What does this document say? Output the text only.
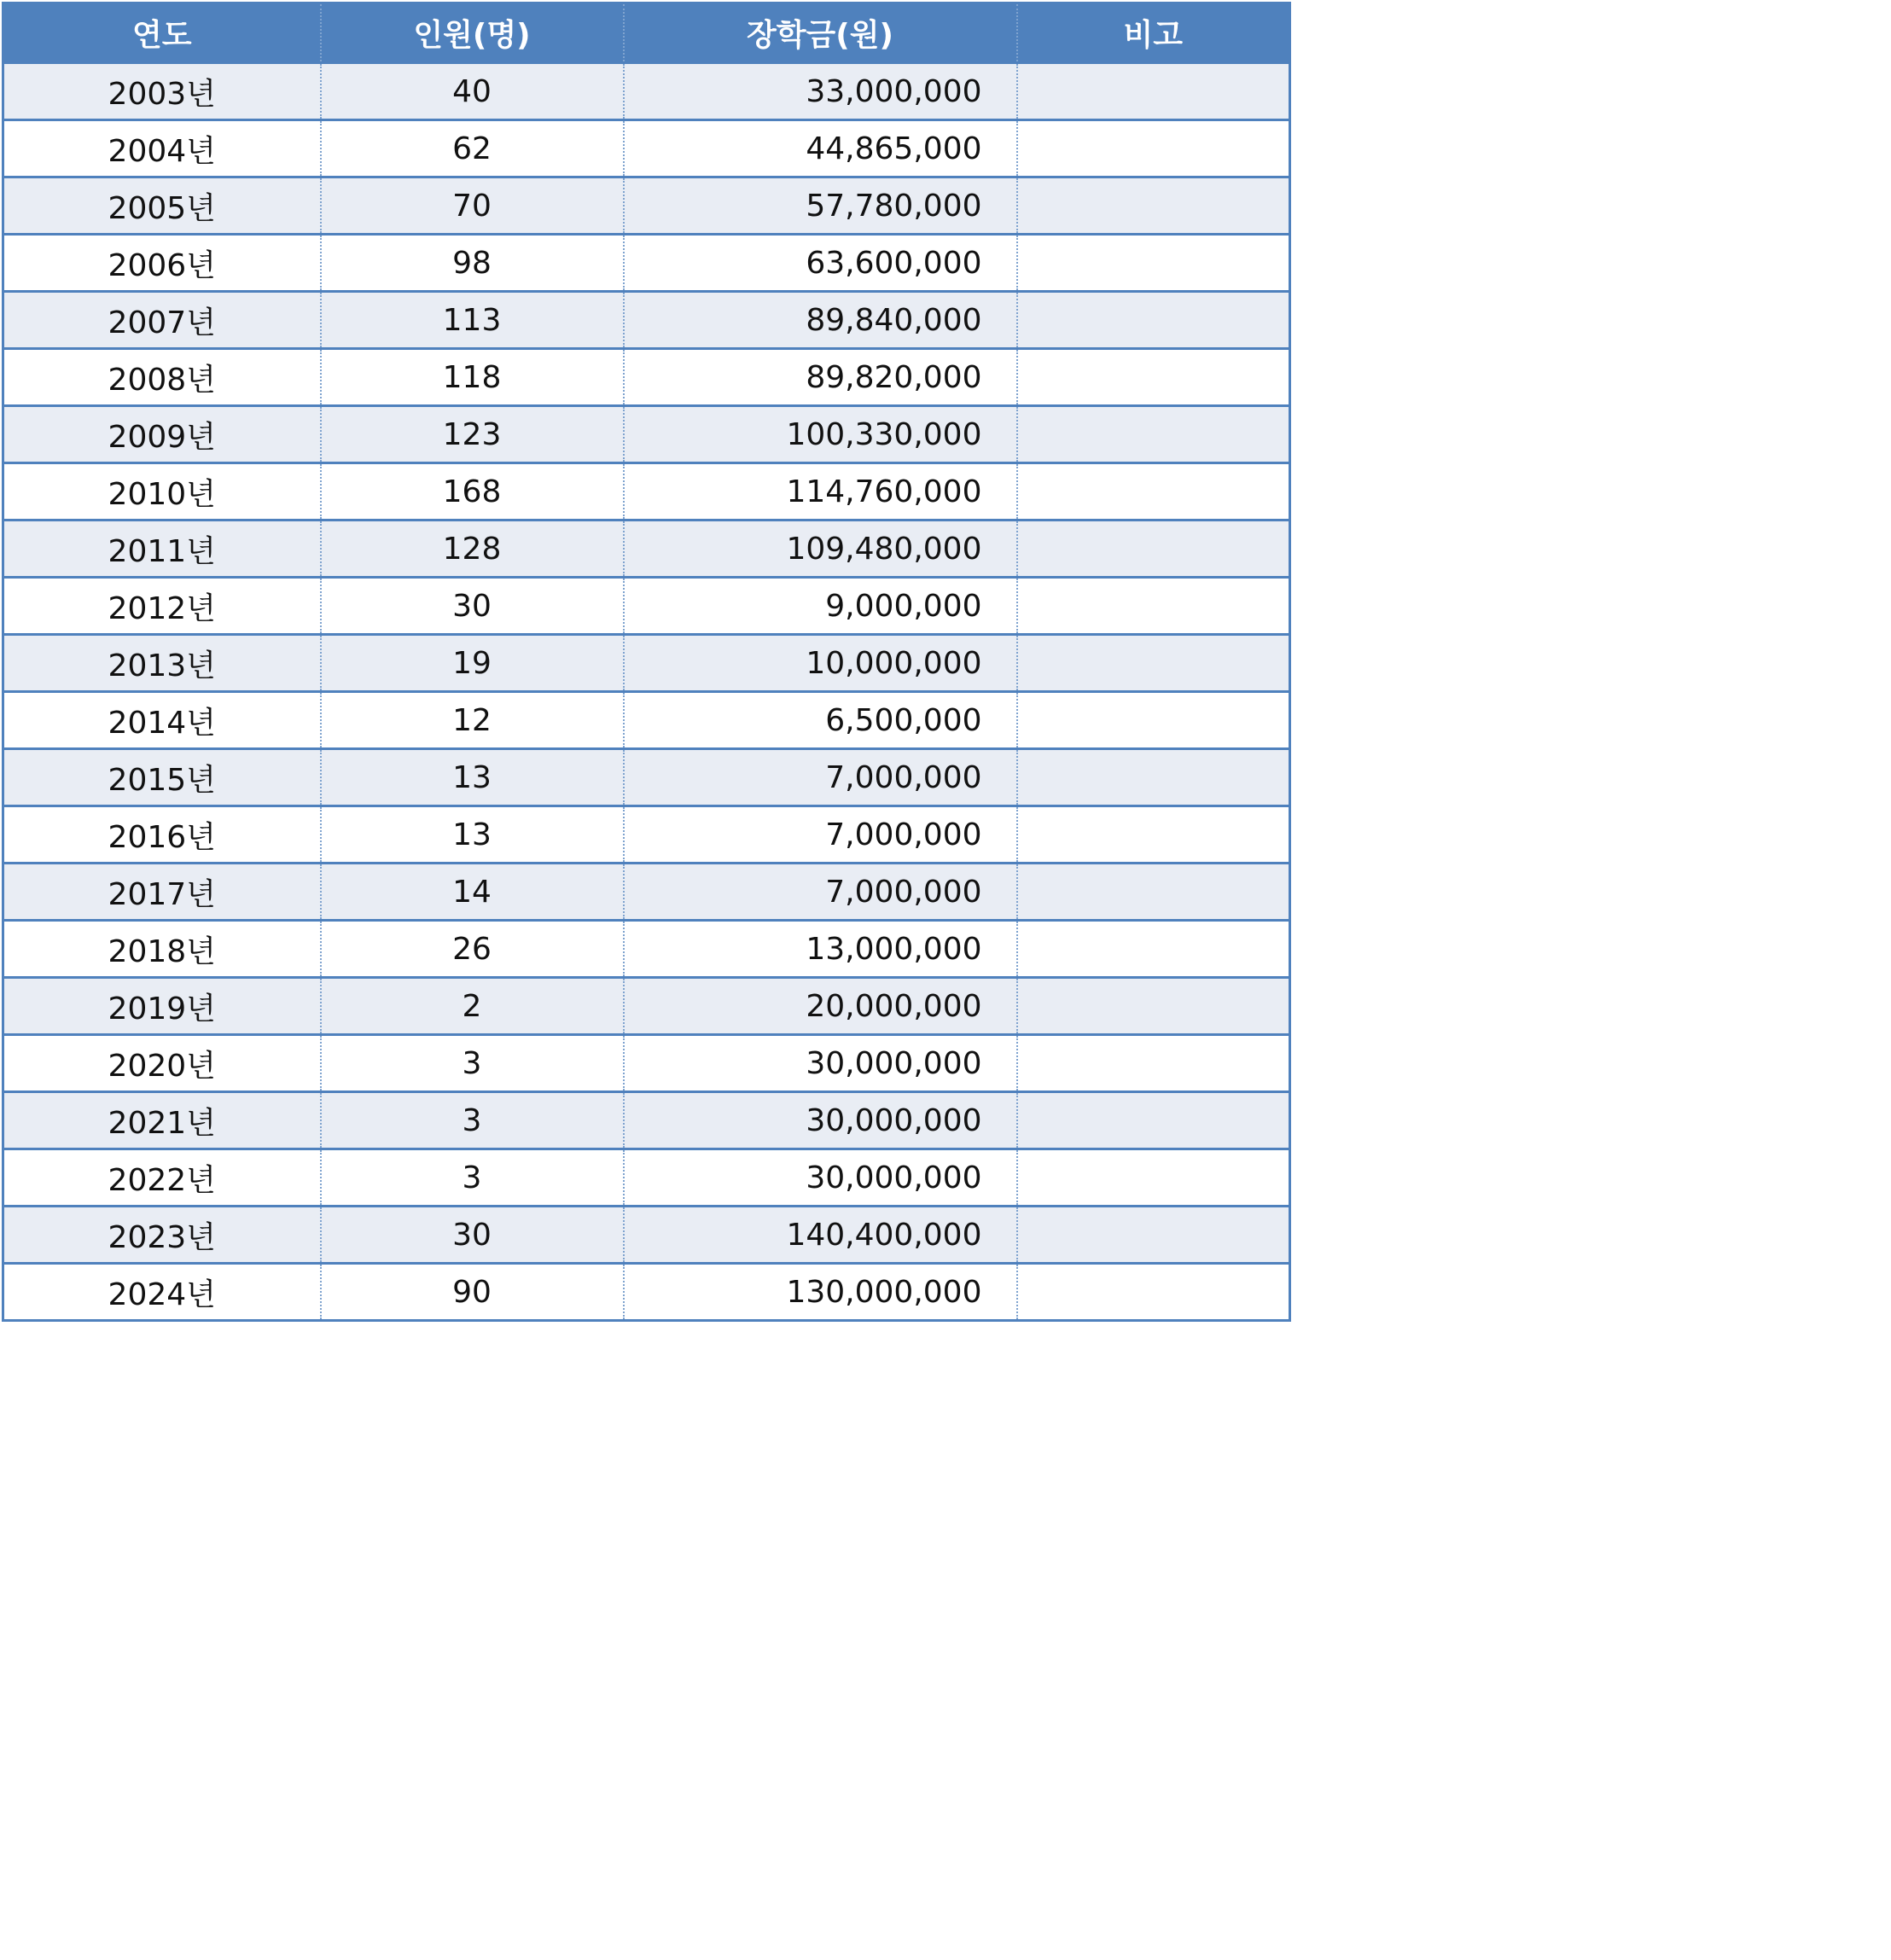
연도	인원(명)	장학금(원)	비고
2003년	40	33,000,000	
2004년	62	44,865,000	
2005년	70	57,780,000	
2006년	98	63,600,000	
2007년	113	89,840,000	
2008년	118	89,820,000	
2009년	123	100,330,000	
2010년	168	114,760,000	
2011년	128	109,480,000	
2012년	30	9,000,000	
2013년	19	10,000,000	
2014년	12	6,500,000	
2015년	13	7,000,000	
2016년	13	7,000,000	
2017년	14	7,000,000	
2018년	26	13,000,000	
2019년	2	20,000,000	
2020년	3	30,000,000	
2021년	3	30,000,000	
2022년	3	30,000,000	
2023년	30	140,400,000	
2024년	90	130,000,000	
